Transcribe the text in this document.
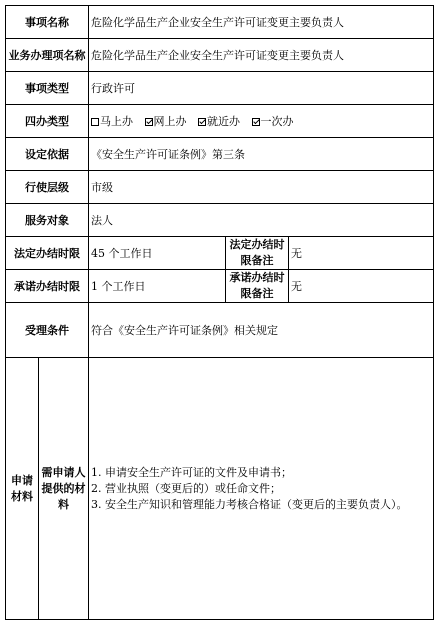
事项名称		危险化学品生产企业安全生产许可证变更主要负责人		
业务办理项名称		危险化学品生产企业安全生产许可证变更主要负责人		
事项类型		行政许可		
四办类型		马上办 网上办 就近办 一次办		
设定依据		《安全生产许可证条例》第三条		
行使层级		市级		
服务对象		法人		
法定办结时限		45 个工作日	法定办结时限备注	无
承诺办结时限		1 个工作日	承诺办结时限备注	无
受理条件		符合《安全生产许可证条例》相关规定		
申请材料	需申请人提供的材料	1. 申请安全生产许可证的文件及申请书；
2. 营业执照（变更后的）或任命文件；
3. 安全生产知识和管理能力考核合格证（变更后的主要负责人）。		
